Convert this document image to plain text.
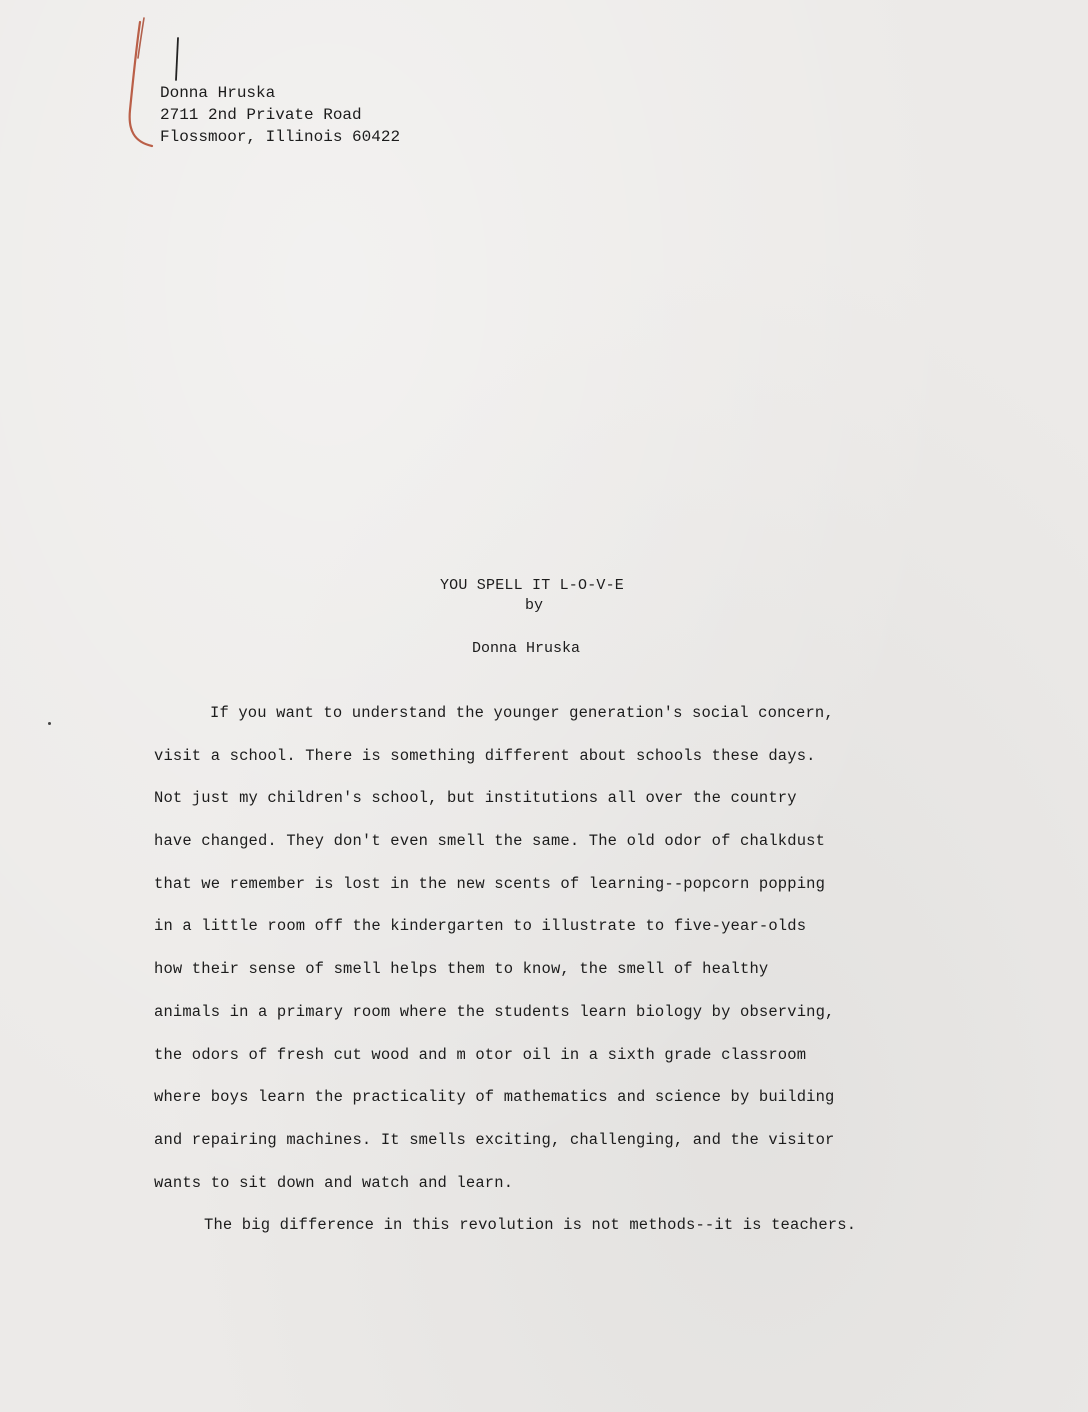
Donna Hruska
2711 2nd Private Road
Flossmoor, Illinois 60422
YOU SPELL IT L-O-V-E
by
Donna Hruska
If you want to understand the younger generation's social concern,
visit a school. There is something different about schools these days.
Not just my children's school, but institutions all over the country
have changed. They don't even smell the same. The old odor of chalkdust
that we remember is lost in the new scents of learning--popcorn popping
in a little room off the kindergarten to illustrate to five-year-olds
how their sense of smell helps them to know, the smell of healthy
animals in a primary room where the students learn biology by observing,
the odors of fresh cut wood and m otor oil in a sixth grade classroom
where boys learn the practicality of mathematics and science by building
and repairing machines. It smells exciting, challenging, and the visitor
wants to sit down and watch and learn.
The big difference in this revolution is not methods--it is teachers.
